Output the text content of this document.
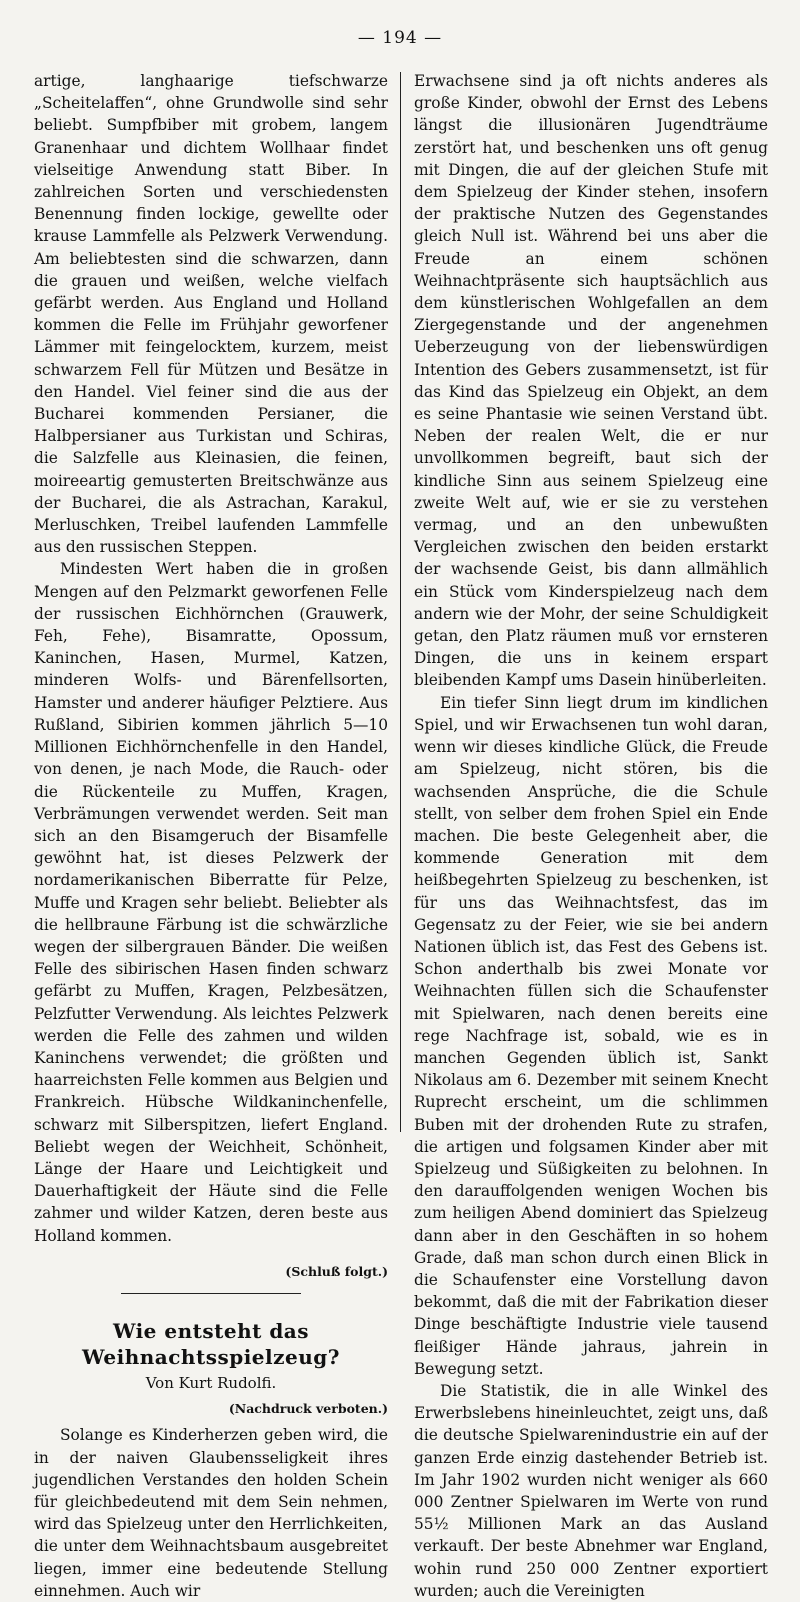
— 194 —

artige, langhaarige tiefschwarze „Scheitelaffen“, ohne Grundwolle sind sehr beliebt. Sumpfbiber mit grobem, langem Granenhaar und dichtem Wollhaar findet vielseitige Anwendung statt Biber. In zahlreichen Sorten und verschiedensten Benennung finden lockige, gewellte oder krause Lammfelle als Pelzwerk Verwendung. Am beliebtesten sind die schwarzen, dann die grauen und weißen, welche vielfach gefärbt werden. Aus England und Holland kommen die Felle im Frühjahr geworfener Lämmer mit feingelocktem, kurzem, meist schwarzem Fell für Mützen und Besätze in den Handel. Viel feiner sind die aus der Bucharei kommenden Persianer, die Halbpersianer aus Turkistan und Schiras, die Salzfelle aus Kleinasien, die feinen, moireeartig gemusterten Breitschwänze aus der Bucharei, die als Astrachan, Karakul, Merluschken, Treibel laufenden Lammfelle aus den russischen Steppen.

Mindesten Wert haben die in großen Mengen auf den Pelzmarkt geworfenen Felle der russischen Eichhörnchen (Grauwerk, Feh, Fehe), Bisamratte, Opossum, Kaninchen, Hasen, Murmel, Katzen, minderen Wolfs- und Bärenfellsorten, Hamster und anderer häufiger Pelztiere. Aus Rußland, Sibirien kommen jährlich 5—10 Millionen Eichhörnchenfelle in den Handel, von denen, je nach Mode, die Rauch- oder die Rückenteile zu Muffen, Kragen, Verbrämungen verwendet werden. Seit man sich an den Bisamgeruch der Bisamfelle gewöhnt hat, ist dieses Pelzwerk der nordamerikanischen Biberratte für Pelze, Muffe und Kragen sehr beliebt. Beliebter als die hellbraune Färbung ist die schwärzliche wegen der silbergrauen Bänder. Die weißen Felle des sibirischen Hasen finden schwarz gefärbt zu Muffen, Kragen, Pelzbesätzen, Pelzfutter Verwendung. Als leichtes Pelzwerk werden die Felle des zahmen und wilden Kaninchens verwendet; die größten und haarreichsten Felle kommen aus Belgien und Frankreich. Hübsche Wildkaninchenfelle, schwarz mit Silberspitzen, liefert England. Beliebt wegen der Weichheit, Schönheit, Länge der Haare und Leichtigkeit und Dauerhaftigkeit der Häute sind die Felle zahmer und wilder Katzen, deren beste aus Holland kommen.

(Schluß folgt.)
Wie entsteht das Weihnachtsspielzeug?
Von Kurt Rudolfi.
(Nachdruck verboten.)

Solange es Kinderherzen geben wird, die in der naiven Glaubensseligkeit ihres jugendlichen Verstandes den holden Schein für gleichbedeutend mit dem Sein nehmen, wird das Spielzeug unter den Herrlichkeiten, die unter dem Weihnachtsbaum ausgebreitet liegen, immer eine bedeutende Stellung einnehmen. Auch wir

Erwachsene sind ja oft nichts anderes als große Kinder, obwohl der Ernst des Lebens längst die illusionären Jugendträume zerstört hat, und beschenken uns oft genug mit Dingen, die auf der gleichen Stufe mit dem Spielzeug der Kinder stehen, insofern der praktische Nutzen des Gegenstandes gleich Null ist. Während bei uns aber die Freude an einem schönen Weihnachtpräsente sich hauptsächlich aus dem künstlerischen Wohlgefallen an dem Ziergegenstande und der angenehmen Ueberzeugung von der liebenswürdigen Intention des Gebers zusammensetzt, ist für das Kind das Spielzeug ein Objekt, an dem es seine Phantasie wie seinen Verstand übt. Neben der realen Welt, die er nur unvollkommen begreift, baut sich der kindliche Sinn aus seinem Spielzeug eine zweite Welt auf, wie er sie zu verstehen vermag, und an den unbewußten Vergleichen zwischen den beiden erstarkt der wachsende Geist, bis dann allmählich ein Stück vom Kinderspielzeug nach dem andern wie der Mohr, der seine Schuldigkeit getan, den Platz räumen muß vor ernsteren Dingen, die uns in keinem erspart bleibenden Kampf ums Dasein hinüberleiten.

Ein tiefer Sinn liegt drum im kindlichen Spiel, und wir Erwachsenen tun wohl daran, wenn wir dieses kindliche Glück, die Freude am Spielzeug, nicht stören, bis die wachsenden Ansprüche, die die Schule stellt, von selber dem frohen Spiel ein Ende machen. Die beste Gelegenheit aber, die kommende Generation mit dem heißbegehrten Spielzeug zu beschenken, ist für uns das Weihnachtsfest, das im Gegensatz zu der Feier, wie sie bei andern Nationen üblich ist, das Fest des Gebens ist. Schon anderthalb bis zwei Monate vor Weihnachten füllen sich die Schaufenster mit Spielwaren, nach denen bereits eine rege Nachfrage ist, sobald, wie es in manchen Gegenden üblich ist, Sankt Nikolaus am 6. Dezember mit seinem Knecht Ruprecht erscheint, um die schlimmen Buben mit der drohenden Rute zu strafen, die artigen und folgsamen Kinder aber mit Spielzeug und Süßigkeiten zu belohnen. In den darauffolgenden wenigen Wochen bis zum heiligen Abend dominiert das Spielzeug dann aber in den Geschäften in so hohem Grade, daß man schon durch einen Blick in die Schaufenster eine Vorstellung davon bekommt, daß die mit der Fabrikation dieser Dinge beschäftigte Industrie viele tausend fleißiger Hände jahraus, jahrein in Bewegung setzt.

Die Statistik, die in alle Winkel des Erwerbslebens hineinleuchtet, zeigt uns, daß die deutsche Spielwarenindustrie ein auf der ganzen Erde einzig dastehender Betrieb ist. Im Jahr 1902 wurden nicht weniger als 660 000 Zentner Spielwaren im Werte von rund 55½ Millionen Mark an das Ausland verkauft. Der beste Abnehmer war England, wohin rund 250 000 Zentner exportiert wurden; auch die Vereinigten
